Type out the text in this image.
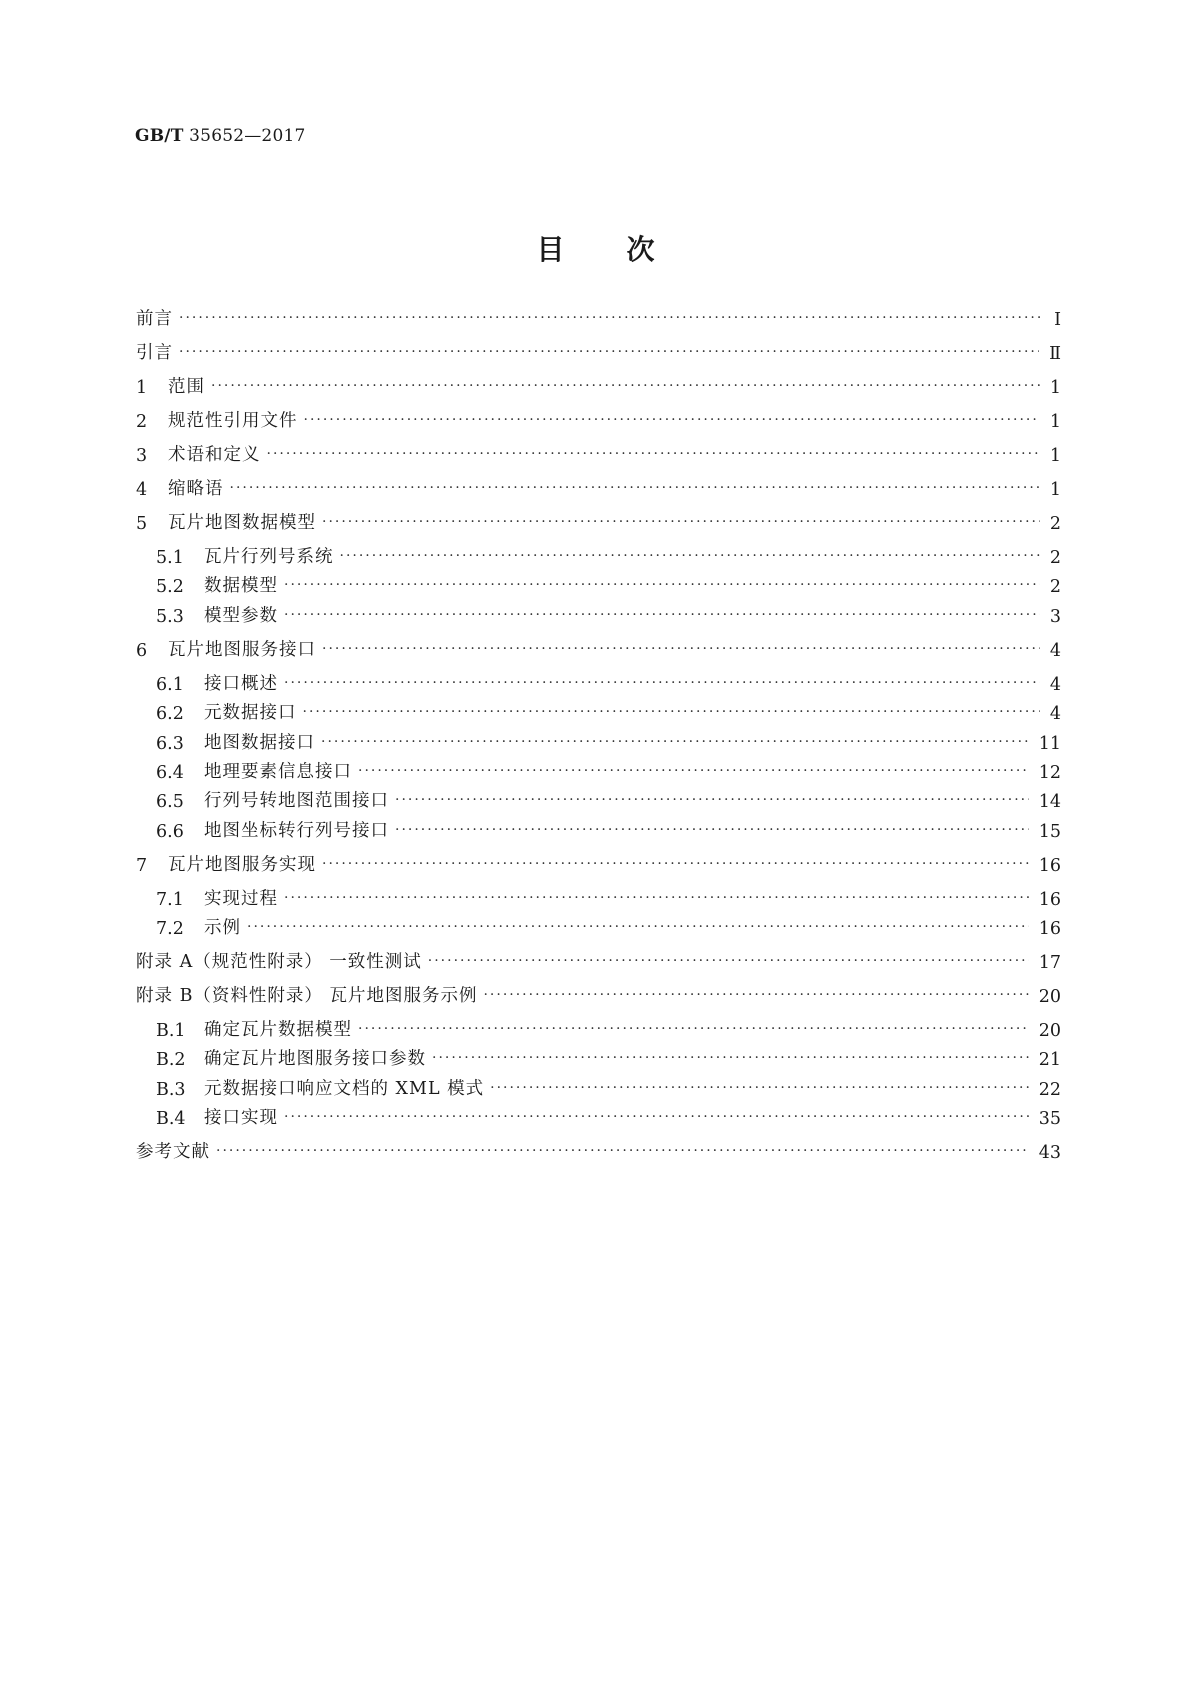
GB/T 35652—2017
目 次
前言 ·····	Ⅰ
引言 ·····	Ⅱ
1	范围 ·····	1
2	规范性引用文件 ·····	1
3	术语和定义 ·····	1
4	缩略语 ·····	1
5	瓦片地图数据模型 ·····	2
5.1	瓦片行列号系统 ·····	2
5.2	数据模型 ·····	2
5.3	模型参数 ·····	3
6	瓦片地图服务接口 ·····	4
6.1	接口概述 ·····	4
6.2	元数据接口 ·····	4
6.3	地图数据接口 ·····	11
6.4	地理要素信息接口 ·····	12
6.5	行列号转地图范围接口 ·····	14
6.6	地图坐标转行列号接口 ·····	15
7	瓦片地图服务实现 ·····	16
7.1	实现过程 ·····	16
7.2	示例 ·····	16
附录 A（规范性附录） 一致性测试 ·····	17
附录 B（资料性附录） 瓦片地图服务示例 ·····	20
B.1	确定瓦片数据模型 ·····	20
B.2	确定瓦片地图服务接口参数 ·····	21
B.3	元数据接口响应文档的 XML 模式 ·····	22
B.4	接口实现 ·····	35
参考文献 ·····	43
